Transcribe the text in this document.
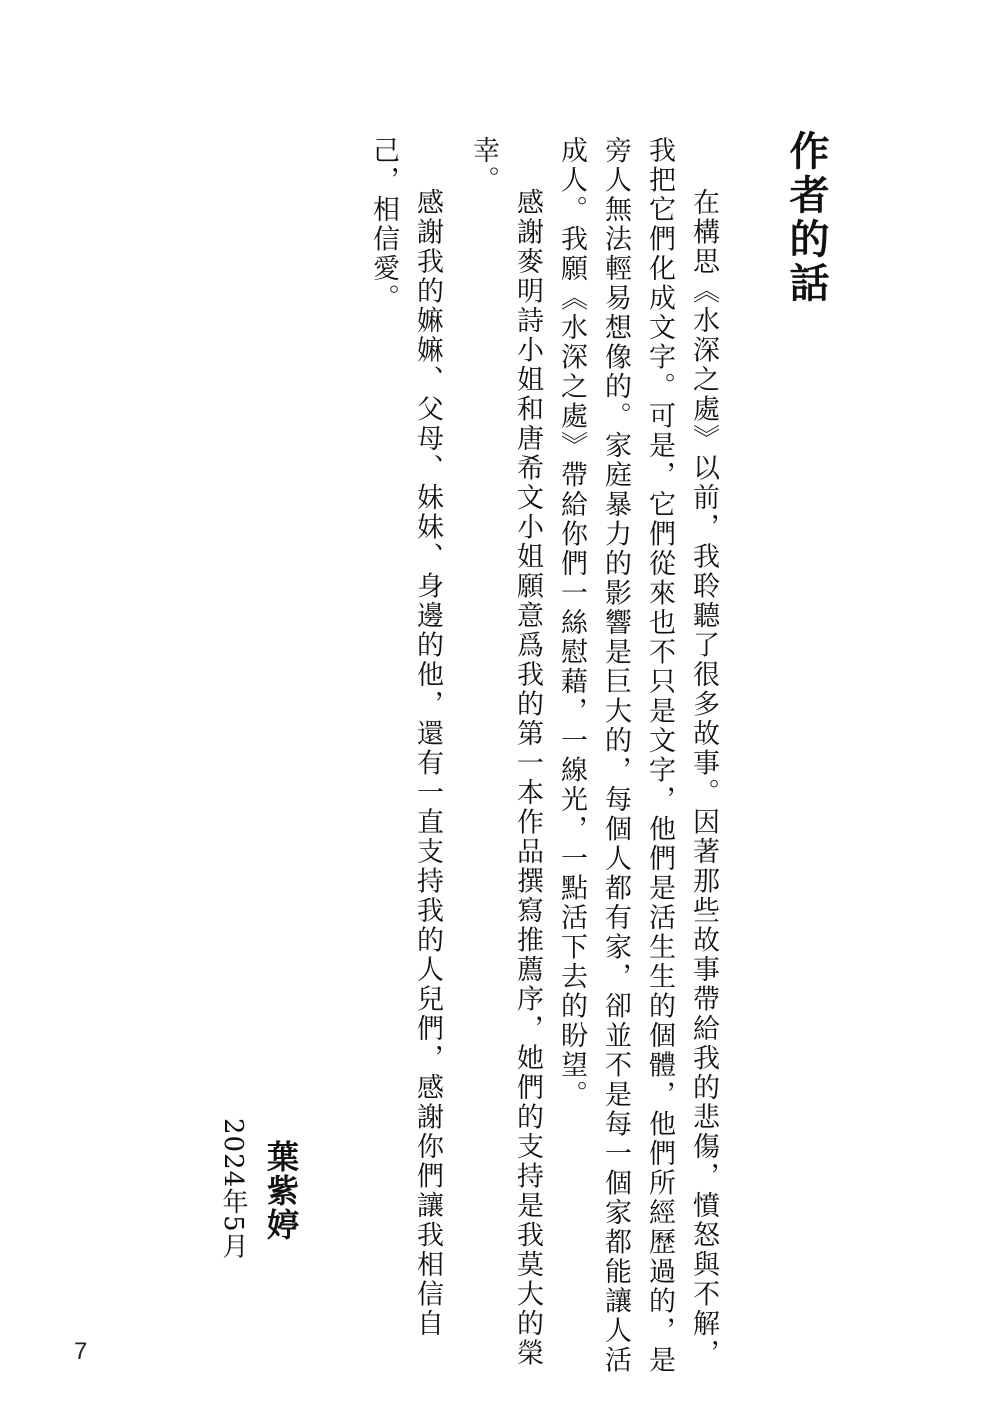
作者的話

在構思《水深之處》以前，我聆聽了很多故事。因著那些故事帶給我的悲傷，憤怒與不解，

我把它們化成文字。可是，它們從來也不只是文字，他們是活生生的個體，他們所經歷過的，是

旁人無法輕易想像的。家庭暴力的影響是巨大的，每個人都有家，卻並不是每一個家都能讓人活

成人。我願《水深之處》帶給你們一絲慰藉，一線光，一點活下去的盼望。

感謝麥明詩小姐和唐希文小姐願意爲我的第一本作品撰寫推薦序，她們的支持是我莫大的榮

幸。

感謝我的嫲嫲、父母、妹妹、身邊的他，還有一直支持我的人兒們，感謝你們讓我相信自

己，相信愛。

葉紫婷
2024年5月
7
